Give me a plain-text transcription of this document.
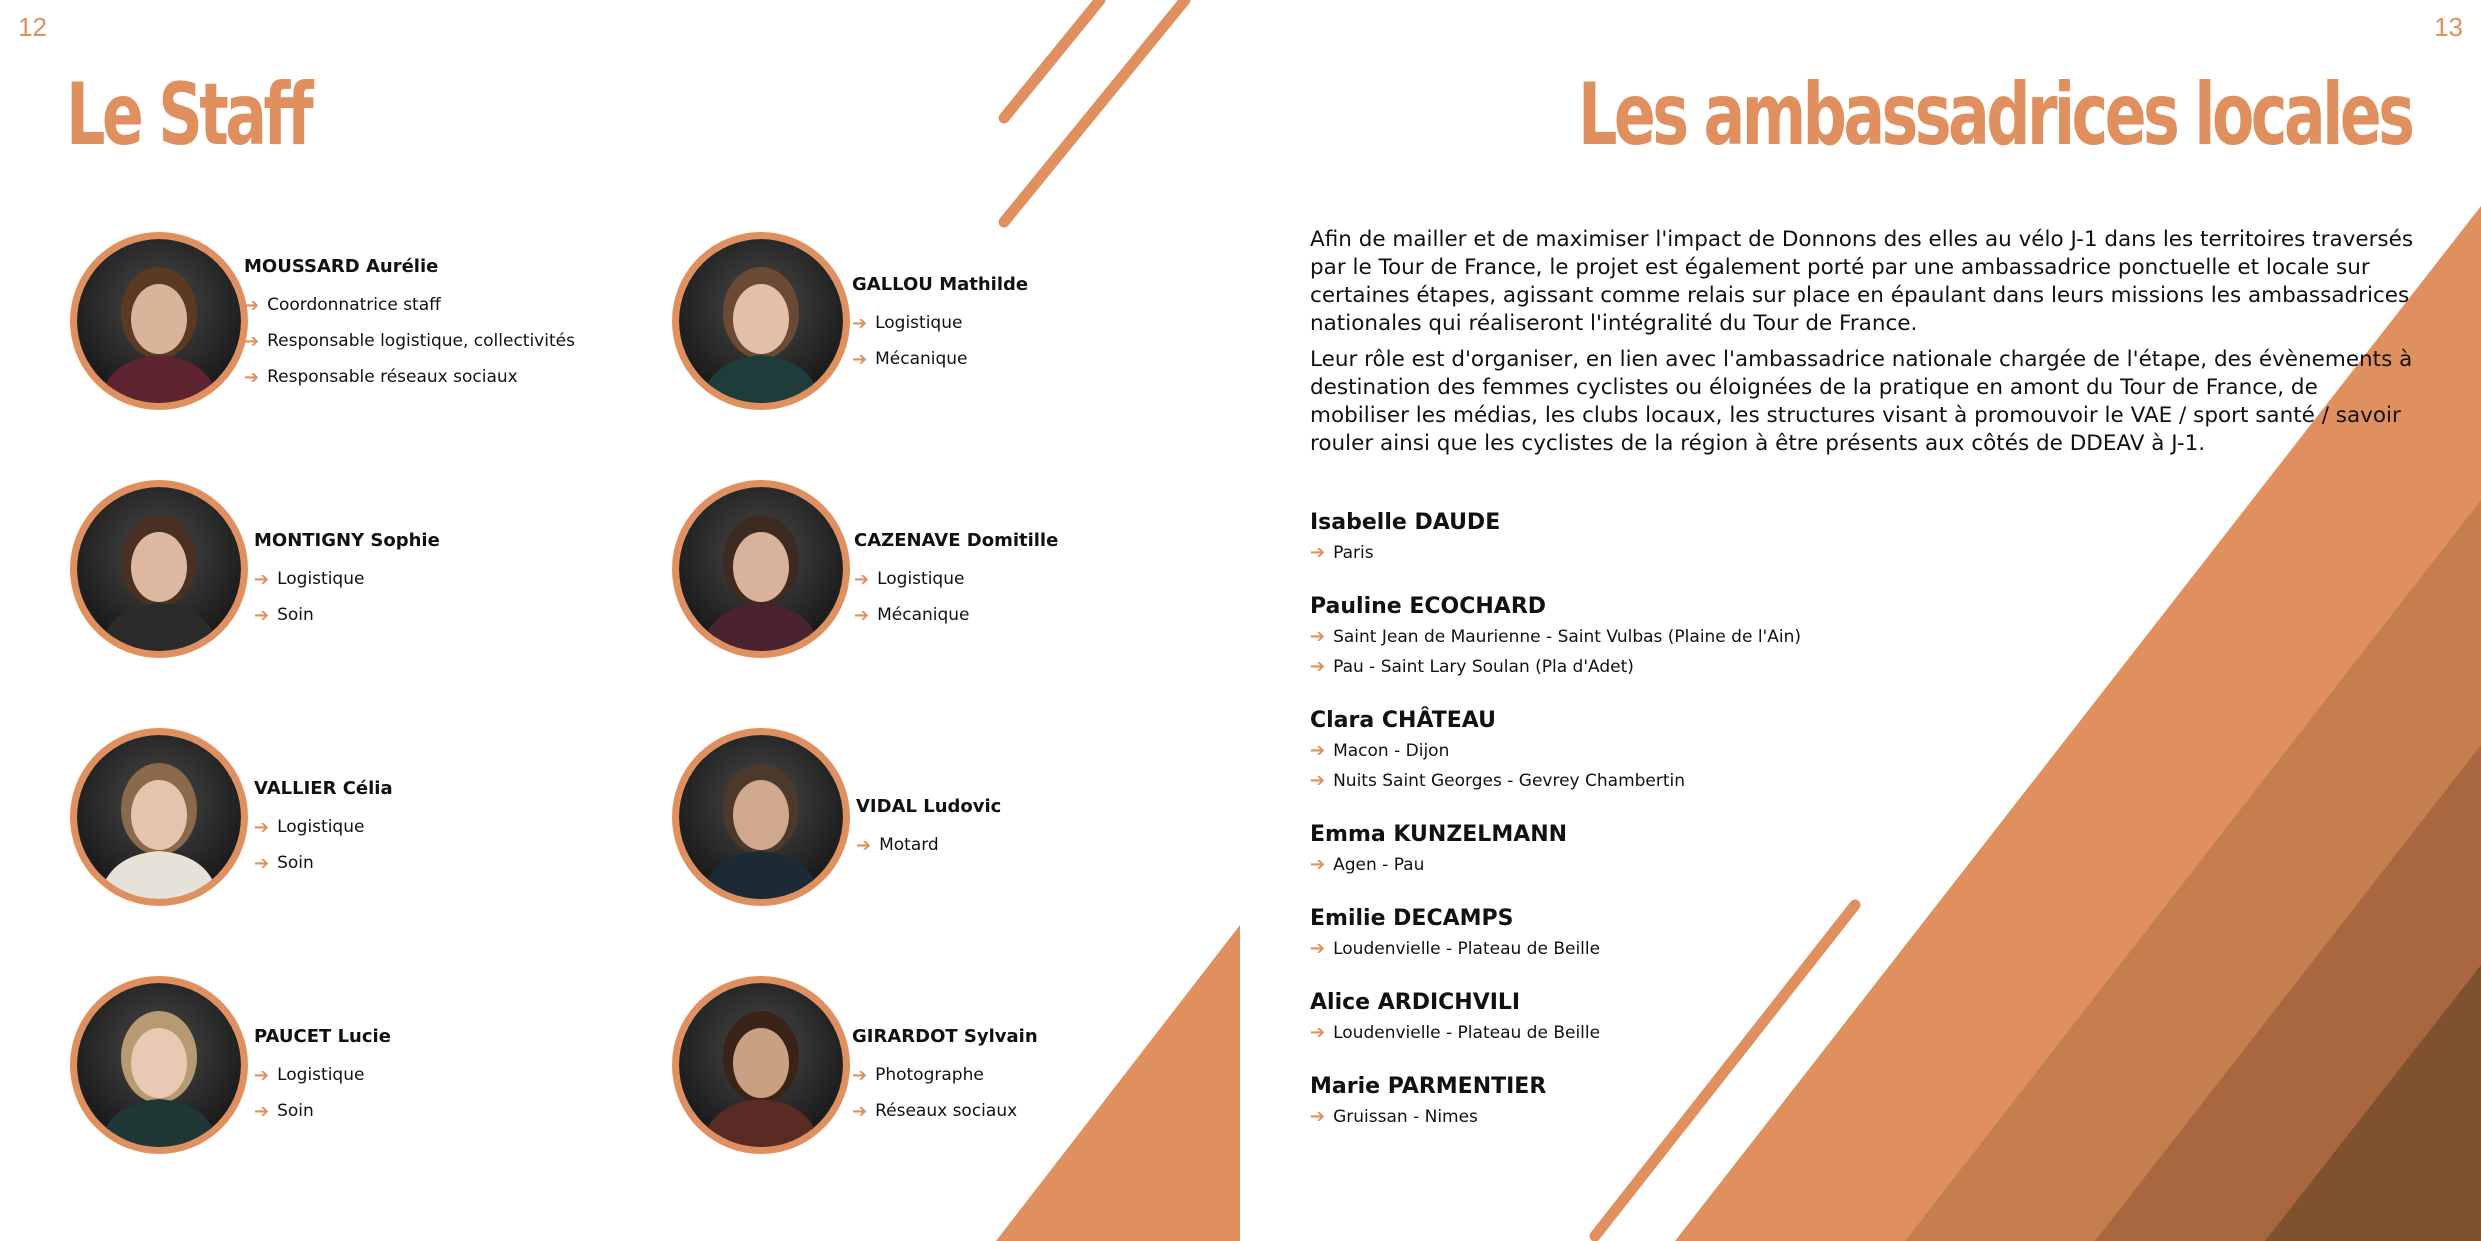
12
Le Staff
MOUSSARD Aurélie
➔ Coordonnatrice staff
➔ Responsable logistique, collectivités
➔ Responsable réseaux sociaux
GALLOU Mathilde
➔ Logistique
➔ Mécanique
MONTIGNY Sophie
➔ Logistique
➔ Soin
CAZENAVE Domitille
➔ Logistique
➔ Mécanique
VALLIER Célia
➔ Logistique
➔ Soin
VIDAL Ludovic
➔ Motard
PAUCET Lucie
➔ Logistique
➔ Soin
GIRARDOT Sylvain
➔ Photographe
➔ Réseaux sociaux
13
Les ambassadrices locales

Afin de mailler et de maximiser l'impact de Donnons des elles au vélo J-1 dans les territoires traversés par le Tour de France, le projet est également porté par une ambassadrice ponctuelle et locale sur certaines étapes, agissant comme relais sur place en épaulant dans leurs missions les ambassadrices nationales qui réaliseront l'intégralité du Tour de France.

Leur rôle est d'organiser, en lien avec l'ambassadrice nationale chargée de l'étape, des évènements à destination des femmes cyclistes ou éloignées de la pratique en amont du Tour de France, de mobiliser les médias, les clubs locaux, les structures visant à promouvoir le VAE / sport santé / savoir rouler ainsi que les cyclistes de la région à être présents aux côtés de DDEAV à J-1.

Isabelle DAUDE
➔ Paris
Pauline ECOCHARD
➔ Saint Jean de Maurienne - Saint Vulbas (Plaine de l'Ain)
➔ Pau - Saint Lary Soulan (Pla d'Adet)
Clara CHÂTEAU
➔ Macon - Dijon
➔ Nuits Saint Georges - Gevrey Chambertin
Emma KUNZELMANN
➔ Agen - Pau
Emilie DECAMPS
➔ Loudenvielle - Plateau de Beille
Alice ARDICHVILI
➔ Loudenvielle - Plateau de Beille
Marie PARMENTIER
➔ Gruissan - Nimes
